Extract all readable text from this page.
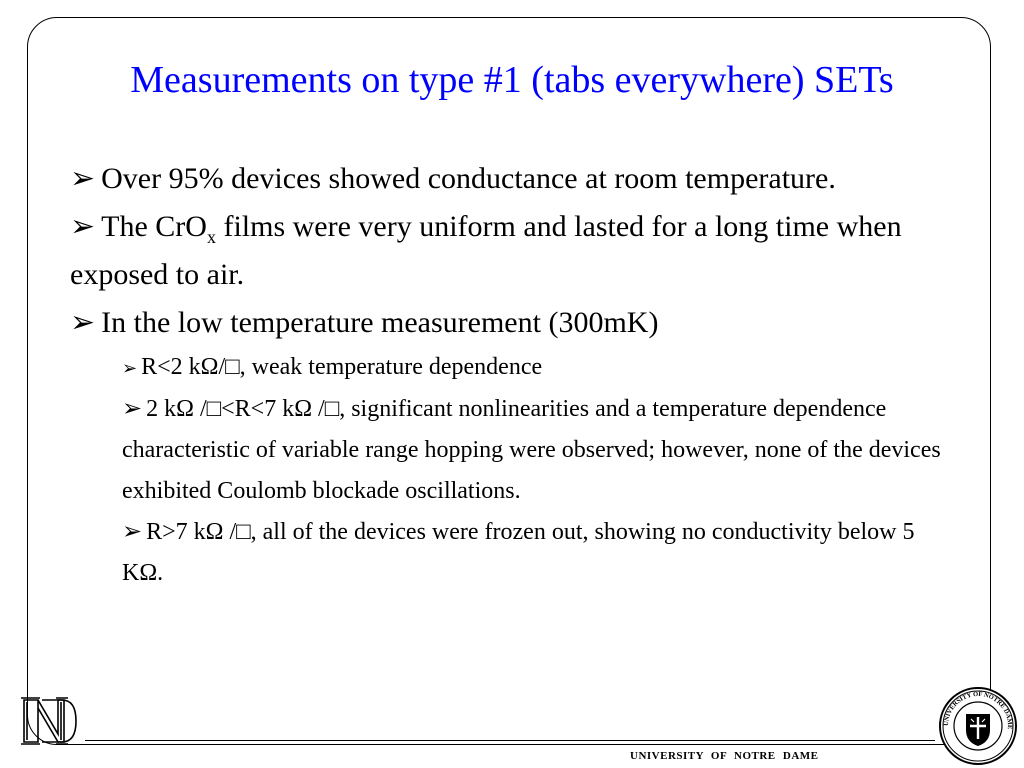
Measurements on type #1 (tabs everywhere) SETs
➢ Over 95% devices showed conductance at room temperature.
➢ The CrO$_x$ films were very uniform and lasted for a long time when exposed to air.
➢ In the low temperature measurement (300mK)
➢ R<2 kΩ/□, weak temperature dependence
➢ 2 kΩ /□<R<7 kΩ /□, significant nonlinearities and a temperature dependence characteristic of variable range hopping were observed; however, none of the devices exhibited Coulomb blockade oscillations.
➢ R>7 kΩ /□, all of the devices were frozen out, showing no conductivity below 5 KΩ.
UNIVERSITY OF NOTRE DAME
UNIVERSITY OF NOTRE DAME
